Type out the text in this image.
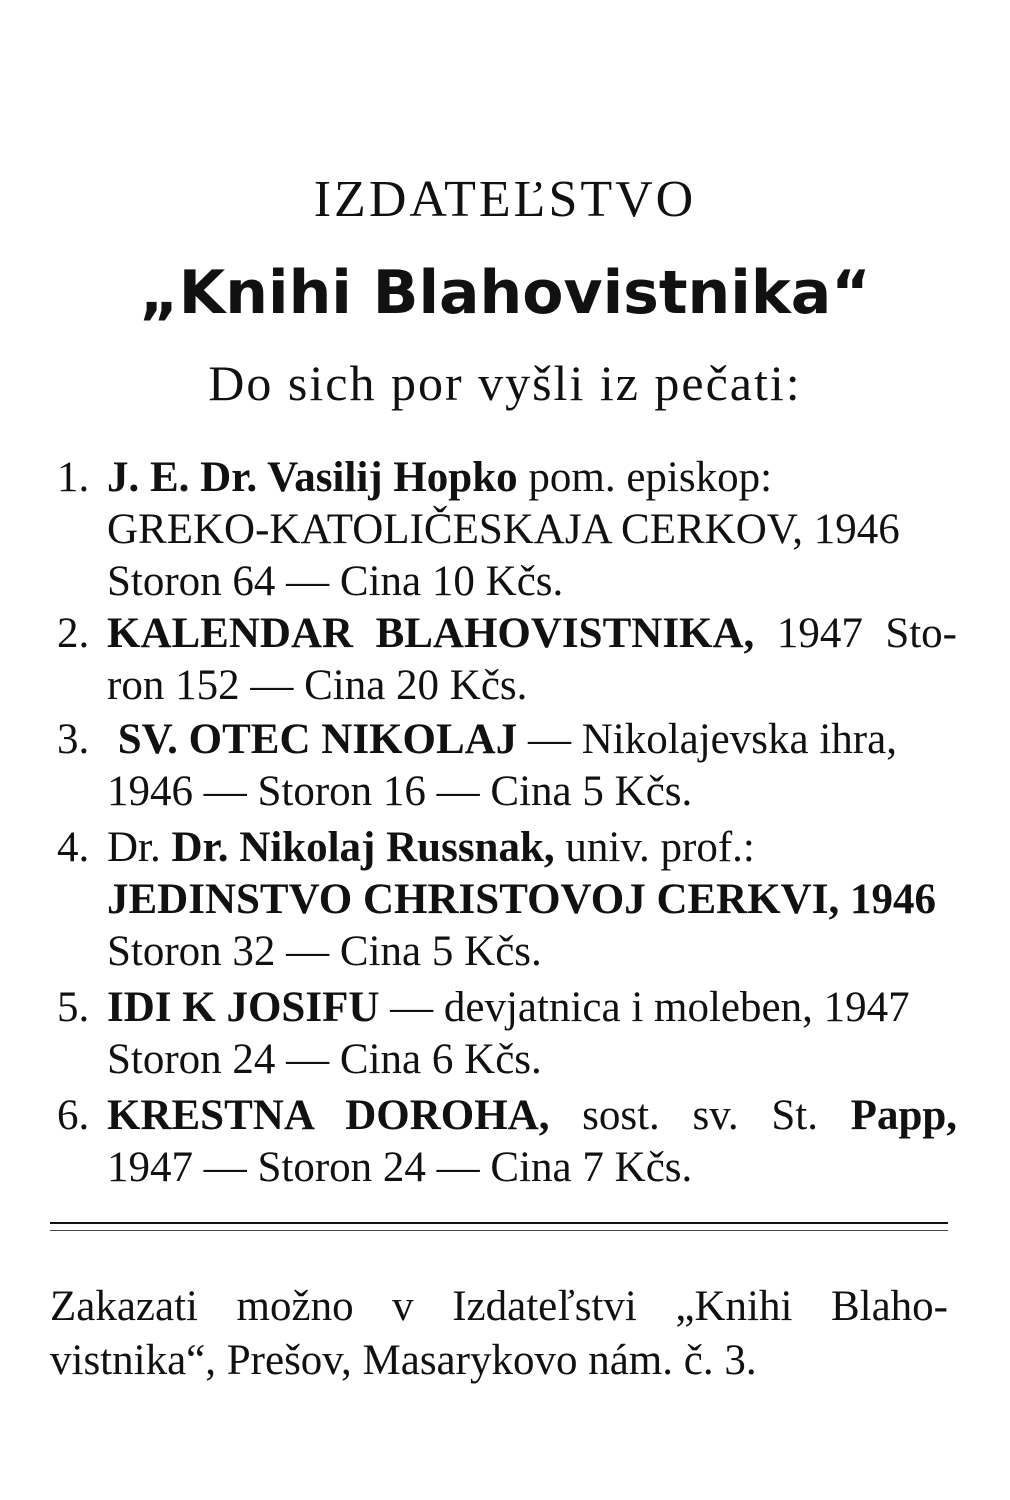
IZDATEĽSTVO
„Knihi Blahovistnika“
Do sich por vyšli iz pečati:
1. J. E. Dr. Vasilij Hopko pom. episkop:
GREKO-KATOLIČESKAJA CERKOV, 1946
Storon 64 — Cina 10 Kčs.
2. KALENDAR BLAHOVISTNIKA, 1947 Sto-
ron 152 — Cina 20 Kčs.
3. SV. OTEC NIKOLAJ — Nikolajevska ihra,
1946 — Storon 16 — Cina 5 Kčs.
4. Dr. Dr. Nikolaj Russnak, univ. prof.:
JEDINSTVO CHRISTOVOJ CERKVI, 1946
Storon 32 — Cina 5 Kčs.
5. IDI K JOSIFU — devjatnica i moleben, 1947
Storon 24 — Cina 6 Kčs.
6. KRESTNA DOROHA, sost. sv. St. Papp,
1947 — Storon 24 — Cina 7 Kčs.
Zakazati možno v Izdateľstvi „Knihi Blaho-
vistnika“, Prešov, Masarykovo nám. č. 3.
